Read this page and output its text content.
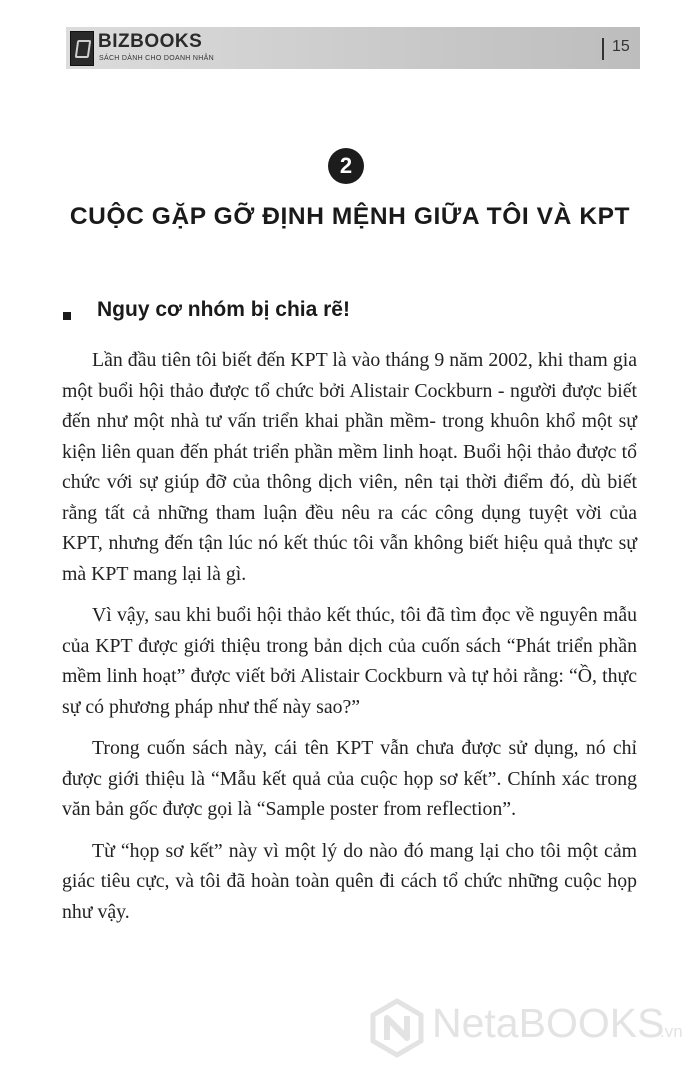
BIZBOOKS
SÁCH DÀNH CHO DOANH NHÂN
15
2
CUỘC GẶP GỠ ĐỊNH MỆNH GIỮA TÔI VÀ KPT
Nguy cơ nhóm bị chia rẽ!

Lần đầu tiên tôi biết đến KPT là vào tháng 9 năm 2002, khi tham gia một buổi hội thảo được tổ chức bởi Alistair Cockburn - người được biết đến như một nhà tư vấn triển khai phần mềm- trong khuôn khổ một sự kiện liên quan đến phát triển phần mềm linh hoạt. Buổi hội thảo được tổ chức với sự giúp đỡ của thông dịch viên, nên tại thời điểm đó, dù biết rằng tất cả những tham luận đều nêu ra các công dụng tuyệt vời của KPT, nhưng đến tận lúc nó kết thúc tôi vẫn không biết hiệu quả thực sự mà KPT mang lại là gì.

Vì vậy, sau khi buổi hội thảo kết thúc, tôi đã tìm đọc về nguyên mẫu của KPT được giới thiệu trong bản dịch của cuốn sách “Phát triển phần mềm linh hoạt” được viết bởi Alistair Cockburn và tự hỏi rằng: “Ồ, thực sự có phương pháp như thế này sao?”

Trong cuốn sách này, cái tên KPT vẫn chưa được sử dụng, nó chỉ được giới thiệu là “Mẫu kết quả của cuộc họp sơ kết”. Chính xác trong văn bản gốc được gọi là “Sample poster from reflection”.

Từ “họp sơ kết” này vì một lý do nào đó mang lại cho tôi một cảm giác tiêu cực, và tôi đã hoàn toàn quên đi cách tổ chức những cuộc họp như vậy.

NetaBOOKS
.vn
